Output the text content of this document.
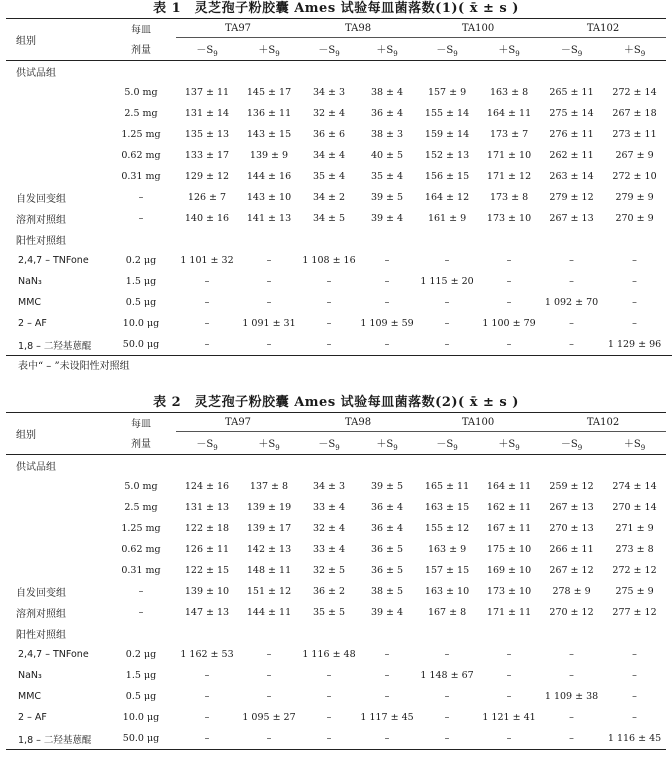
表 1　灵芝孢子粉胶囊 Ames 试验每皿菌落数(1)( x̄ ± s )
组别	每皿	TA97		TA98		TA100		TA102	
	剂量	$-S_9$	$+S_9$	$-S_9$	$+S_9$	$-S_9$	$+S_9$	$-S_9$	$+S_9$
供试品组									
	5.0 mg	137 ± 11	145 ± 17	34 ± 3	38 ± 4	157 ± 9	163 ± 8	265 ± 11	272 ± 14
	2.5 mg	131 ± 14	136 ± 11	32 ± 4	36 ± 4	155 ± 14	164 ± 11	275 ± 14	267 ± 18
	1.25 mg	135 ± 13	143 ± 15	36 ± 6	38 ± 3	159 ± 14	173 ± 7	276 ± 11	273 ± 11
	0.62 mg	133 ± 17	139 ± 9	34 ± 4	40 ± 5	152 ± 13	171 ± 10	262 ± 11	267 ± 9
	0.31 mg	129 ± 12	144 ± 16	35 ± 4	35 ± 4	156 ± 15	171 ± 12	263 ± 14	272 ± 10
自发回变组	–	126 ± 7	143 ± 10	34 ± 2	39 ± 5	164 ± 12	173 ± 8	279 ± 12	279 ± 9
溶剂对照组	–	140 ± 16	141 ± 13	34 ± 5	39 ± 4	161 ± 9	173 ± 10	267 ± 13	270 ± 9
阳性对照组									
2,4,7 – TNFone	0.2 μg	1 101 ± 32	–	1 108 ± 16	–	–	–	–	–
NaN₃	1.5 μg	–	–	–	–	1 115 ± 20	–	–	–
MMC	0.5 μg	–	–	–	–	–	–	1 092 ± 70	–
2 – AF	10.0 μg	–	1 091 ± 31	–	1 109 ± 59	–	1 100 ± 79	–	–
1,8 – 二羟基蒽醌	50.0 μg	–	–	–	–	–	–	–	1 129 ± 96
表中“ – ”未设阳性对照组
表 2　灵芝孢子粉胶囊 Ames 试验每皿菌落数(2)( x̄ ± s )
组别	每皿	TA97		TA98		TA100		TA102	
	剂量	$-S_9$	$+S_9$	$-S_9$	$+S_9$	$-S_9$	$+S_9$	$-S_9$	$+S_9$
供试品组									
	5.0 mg	124 ± 16	137 ± 8	34 ± 3	39 ± 5	165 ± 11	164 ± 11	259 ± 12	274 ± 14
	2.5 mg	131 ± 13	139 ± 19	33 ± 4	36 ± 4	163 ± 15	162 ± 11	267 ± 13	270 ± 14
	1.25 mg	122 ± 18	139 ± 17	32 ± 4	36 ± 4	155 ± 12	167 ± 11	270 ± 13	271 ± 9
	0.62 mg	126 ± 11	142 ± 13	33 ± 4	36 ± 5	163 ± 9	175 ± 10	266 ± 11	273 ± 8
	0.31 mg	122 ± 15	148 ± 11	32 ± 5	36 ± 5	157 ± 15	169 ± 10	267 ± 12	272 ± 12
自发回变组	–	139 ± 10	151 ± 12	36 ± 2	38 ± 5	163 ± 10	173 ± 10	278 ± 9	275 ± 9
溶剂对照组	–	147 ± 13	144 ± 11	35 ± 5	39 ± 4	167 ± 8	171 ± 11	270 ± 12	277 ± 12
阳性对照组									
2,4,7 – TNFone	0.2 μg	1 162 ± 53	–	1 116 ± 48	–	–	–	–	–
NaN₃	1.5 μg	–	–	–	–	1 148 ± 67	–	–	–
MMC	0.5 μg	–	–	–	–	–	–	1 109 ± 38	–
2 – AF	10.0 μg	–	1 095 ± 27	–	1 117 ± 45	–	1 121 ± 41	–	–
1,8 – 二羟基蒽醌	50.0 μg	–	–	–	–	–	–	–	1 116 ± 45
